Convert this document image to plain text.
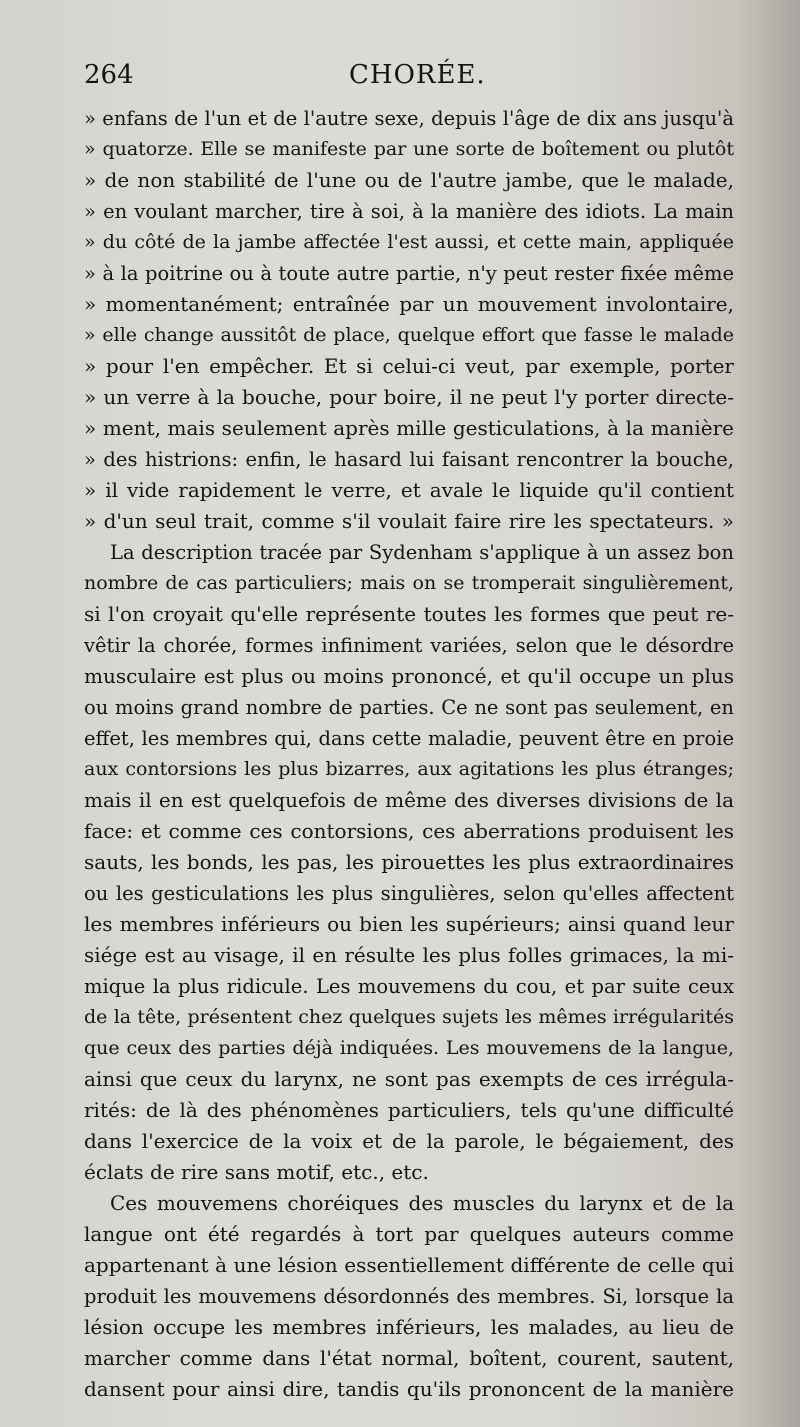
264	CHORÉE.
» enfans de l'un et de l'autre sexe, depuis l'âge de dix ans jusqu'à
» quatorze. Elle se manifeste par une sorte de boîtement ou plutôt
» de non stabilité de l'une ou de l'autre jambe, que le malade,
» en voulant marcher, tire à soi, à la manière des idiots. La main
» du côté de la jambe affectée l'est aussi, et cette main, appliquée
» à la poitrine ou à toute autre partie, n'y peut rester fixée même
» momentanément; entraînée par un mouvement involontaire,
» elle change aussitôt de place, quelque effort que fasse le malade
» pour l'en empêcher. Et si celui-ci veut, par exemple, porter
» un verre à la bouche, pour boire, il ne peut l'y porter directe-
» ment, mais seulement après mille gesticulations, à la manière
» des histrions: enfin, le hasard lui faisant rencontrer la bouche,
» il vide rapidement le verre, et avale le liquide qu'il contient
» d'un seul trait, comme s'il voulait faire rire les spectateurs. »
La description tracée par Sydenham s'applique à un assez bon
nombre de cas particuliers; mais on se tromperait singulièrement,
si l'on croyait qu'elle représente toutes les formes que peut re-
vêtir la chorée, formes infiniment variées, selon que le désordre
musculaire est plus ou moins prononcé, et qu'il occupe un plus
ou moins grand nombre de parties. Ce ne sont pas seulement, en
effet, les membres qui, dans cette maladie, peuvent être en proie
aux contorsions les plus bizarres, aux agitations les plus étranges;
mais il en est quelquefois de même des diverses divisions de la
face: et comme ces contorsions, ces aberrations produisent les
sauts, les bonds, les pas, les pirouettes les plus extraordinaires
ou les gesticulations les plus singulières, selon qu'elles affectent
les membres inférieurs ou bien les supérieurs; ainsi quand leur
siége est au visage, il en résulte les plus folles grimaces, la mi-
mique la plus ridicule. Les mouvemens du cou, et par suite ceux
de la tête, présentent chez quelques sujets les mêmes irrégularités
que ceux des parties déjà indiquées. Les mouvemens de la langue,
ainsi que ceux du larynx, ne sont pas exempts de ces irrégula-
rités: de là des phénomènes particuliers, tels qu'une difficulté
dans l'exercice de la voix et de la parole, le bégaiement, des
éclats de rire sans motif, etc., etc.
Ces mouvemens choréiques des muscles du larynx et de la
langue ont été regardés à tort par quelques auteurs comme
appartenant à une lésion essentiellement différente de celle qui
produit les mouvemens désordonnés des membres. Si, lorsque la
lésion occupe les membres inférieurs, les malades, au lieu de
marcher comme dans l'état normal, boîtent, courent, sautent,
dansent pour ainsi dire, tandis qu'ils prononcent de la manière
